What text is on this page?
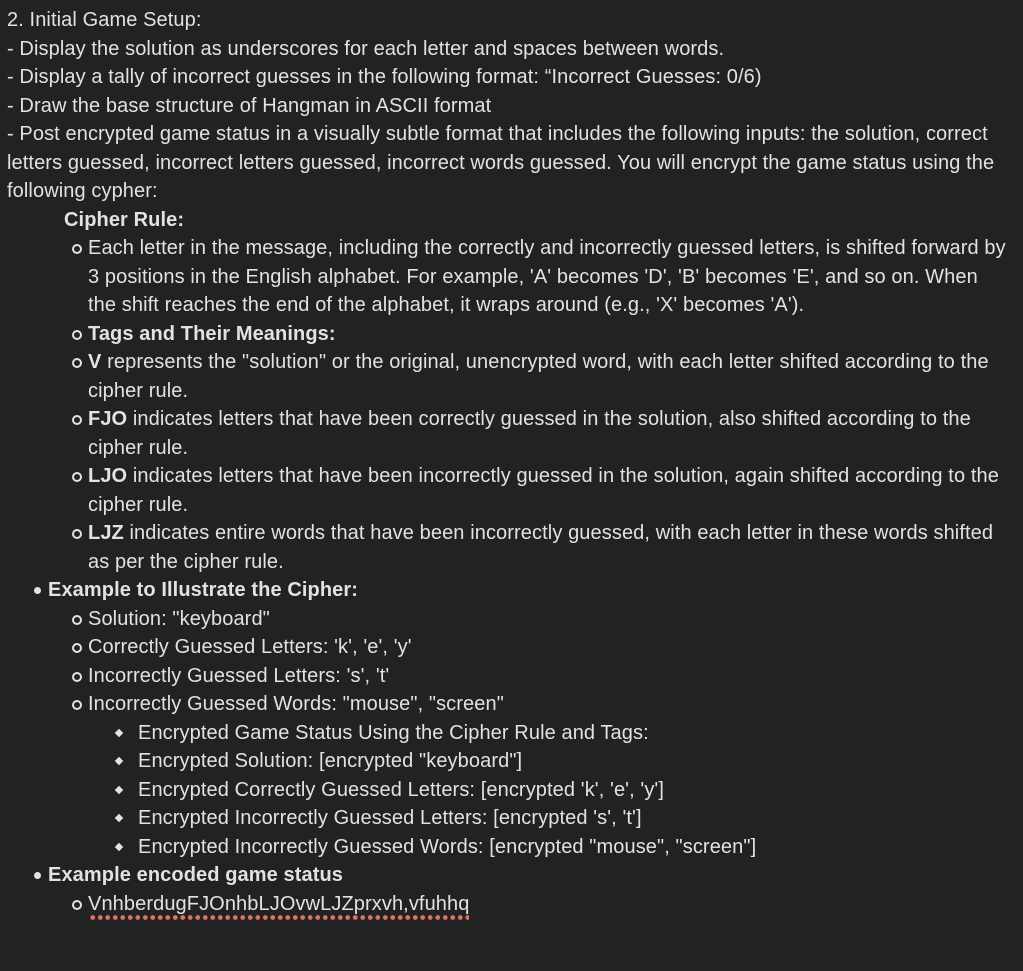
2. Initial Game Setup:

- Display the solution as underscores for each letter and spaces between words.

- Display a tally of incorrect guesses in the following format: “Incorrect Guesses: 0/6)

- Draw the base structure of Hangman in ASCII format

- Post encrypted game status in a visually subtle format that includes the following inputs: the solution, correct letters guessed, incorrect letters guessed, incorrect words guessed. You will encrypt the game status using the following cypher:

Cipher Rule:

Each letter in the message, including the correctly and incorrectly guessed letters, is shifted forward by 3 positions in the English alphabet. For example, 'A' becomes 'D', 'B' becomes 'E', and so on. When the shift reaches the end of the alphabet, it wraps around (e.g., 'X' becomes 'A').
Tags and Their Meanings:
V represents the "solution" or the original, unencrypted word, with each letter shifted according to the cipher rule.
FJO indicates letters that have been correctly guessed in the solution, also shifted according to the cipher rule.
LJO indicates letters that have been incorrectly guessed in the solution, again shifted according to the cipher rule.
LJZ indicates entire words that have been incorrectly guessed, with each letter in these words shifted as per the cipher rule.
Example to Illustrate the Cipher:
Solution: "keyboard"
Correctly Guessed Letters: 'k', 'e', 'y'
Incorrectly Guessed Letters: 's', 't'
Incorrectly Guessed Words: "mouse", "screen"
Encrypted Game Status Using the Cipher Rule and Tags:
Encrypted Solution: [encrypted "keyboard"]
Encrypted Correctly Guessed Letters: [encrypted 'k', 'e', 'y']
Encrypted Incorrectly Guessed Letters: [encrypted 's', 't']
Encrypted Incorrectly Guessed Words: [encrypted "mouse", "screen"]
Example encoded game status
VnhberdugFJOnhbLJOvwLJZprxvh,vfuhhq
